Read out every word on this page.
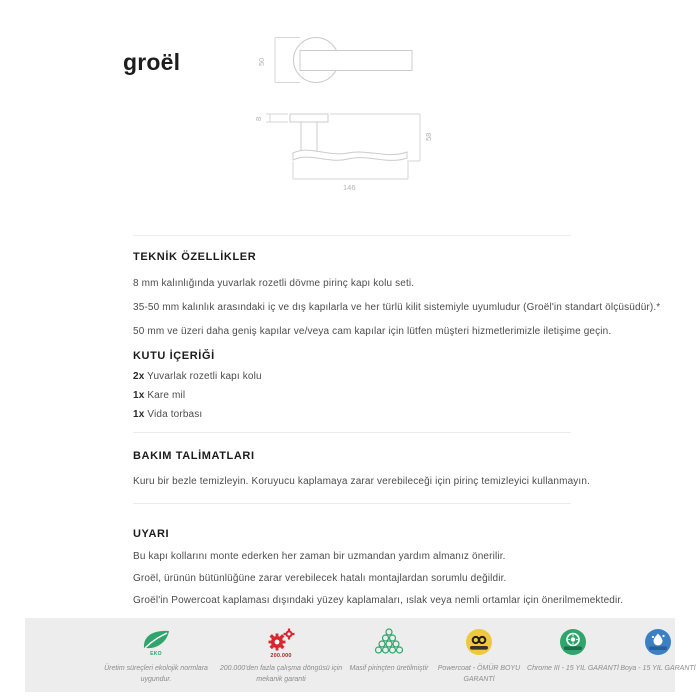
groël	50
8
58
146
TEKNİK ÖZELLİKLER
8 mm kalınlığında yuvarlak rozetli dövme pirinç kapı kolu seti.
35-50 mm kalınlık arasındaki iç ve dış kapılarla ve her türlü kilit sistemiyle uyumludur (Groël'in standart ölçüsüdür).*
50 mm ve üzeri daha geniş kapılar ve/veya cam kapılar için lütfen müşteri hizmetlerimizle iletişime geçin.
KUTU İÇERİĞİ
2x Yuvarlak rozetli kapı kolu
1x Kare mil
1x Vida torbası
BAKIM TALİMATLARI
Kuru bir bezle temizleyin. Koruyucu kaplamaya zarar verebileceği için pirinç temizleyici kullanmayın.
UYARI
Bu kapı kollarını monte ederken her zaman bir uzmandan yardım almanız önerilir.
Groël, ürünün bütünlüğüne zarar verebilecek hatalı montajlardan sorumlu değildir.
Groël'in Powercoat kaplaması dışındaki yüzey kaplamaları, ıslak veya nemli ortamlar için önerilmemektedir.
EKO
Üretim süreçleri ekolojik normlara uygundur.
200.000
200.000'den fazla çalışma döngüsü için mekanik garanti
Masif pirinçten üretilmiştir	Powercoat - ÖMÜR BOYU GARANTİ
Chrome III - 15 YIL GARANTİ Boya - 15 YIL GARANTİ
